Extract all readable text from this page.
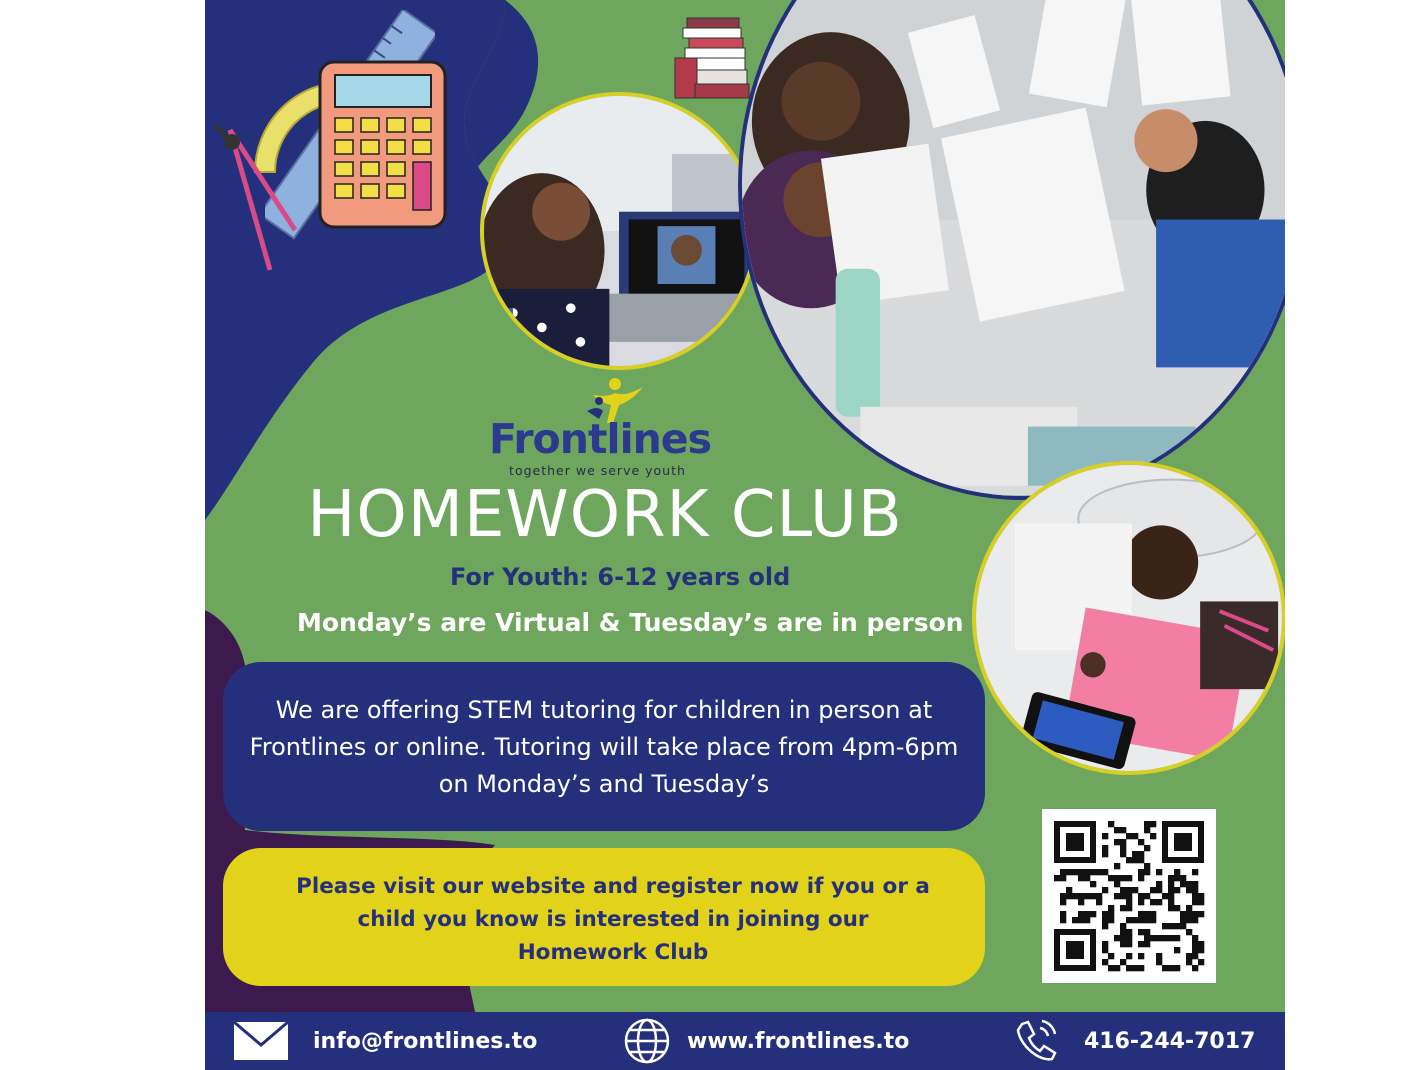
Frontlines
together we serve youth
HOMEWORK CLUB
For Youth: 6-12 years old
Monday’s are Virtual & Tuesday’s are in person
We are offering STEM tutoring for children in person at Frontlines or online. Tutoring will take place from 4pm-6pm on Monday’s and Tuesday’s
Please visit our website and register now if you or a
child you know is interested in joining our
Homework Club
info@frontlines.to	www.frontlines.to	416-244-7017
